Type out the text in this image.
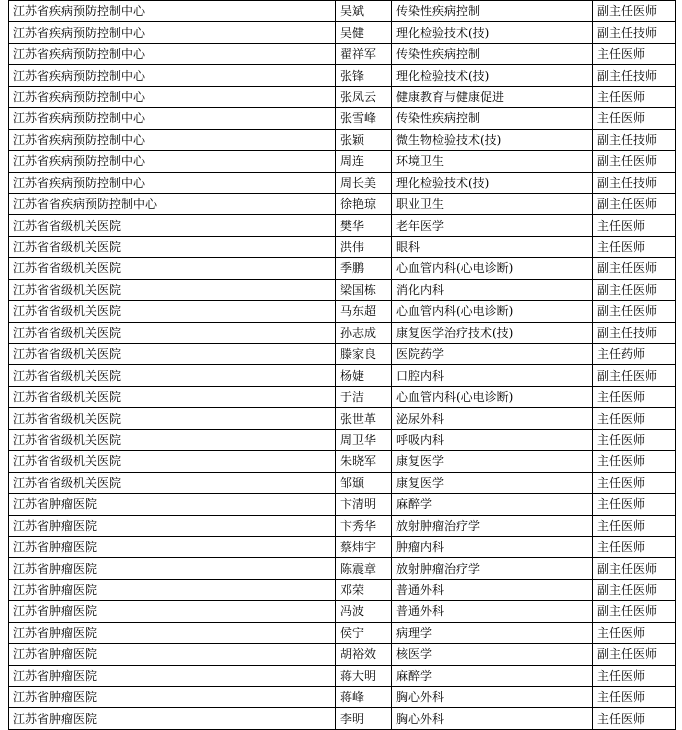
江苏省疾病预防控制中心	吴斌	传染性疾病控制	副主任医师
江苏省疾病预防控制中心	吴健	理化检验技术(技)	副主任技师
江苏省疾病预防控制中心	翟祥军	传染性疾病控制	主任医师
江苏省疾病预防控制中心	张锋	理化检验技术(技)	副主任技师
江苏省疾病预防控制中心	张凤云	健康教育与健康促进	主任医师
江苏省疾病预防控制中心	张雪峰	传染性疾病控制	主任医师
江苏省疾病预防控制中心	张颖	微生物检验技术(技)	副主任技师
江苏省疾病预防控制中心	周连	环境卫生	副主任医师
江苏省疾病预防控制中心	周长美	理化检验技术(技)	副主任技师
江苏省省疾病预防控制中心	徐艳琼	职业卫生	副主任医师
江苏省省级机关医院	樊华	老年医学	主任医师
江苏省省级机关医院	洪伟	眼科	主任医师
江苏省省级机关医院	季鹏	心血管内科(心电诊断)	副主任医师
江苏省省级机关医院	梁国栋	消化内科	副主任医师
江苏省省级机关医院	马东超	心血管内科(心电诊断)	副主任医师
江苏省省级机关医院	孙志成	康复医学治疗技术(技)	副主任技师
江苏省省级机关医院	滕家良	医院药学	主任药师
江苏省省级机关医院	杨婕	口腔内科	副主任医师
江苏省省级机关医院	于洁	心血管内科(心电诊断)	主任医师
江苏省省级机关医院	张世革	泌尿外科	主任医师
江苏省省级机关医院	周卫华	呼吸内科	主任医师
江苏省省级机关医院	朱晓军	康复医学	主任医师
江苏省省级机关医院	邹颋	康复医学	主任医师
江苏省肿瘤医院	卞清明	麻醉学	主任医师
江苏省肿瘤医院	卞秀华	放射肿瘤治疗学	主任医师
江苏省肿瘤医院	蔡炜宇	肿瘤内科	主任医师
江苏省肿瘤医院	陈震章	放射肿瘤治疗学	副主任医师
江苏省肿瘤医院	邓荣	普通外科	副主任医师
江苏省肿瘤医院	冯波	普通外科	副主任医师
江苏省肿瘤医院	侯宁	病理学	主任医师
江苏省肿瘤医院	胡裕效	核医学	副主任医师
江苏省肿瘤医院	蒋大明	麻醉学	主任医师
江苏省肿瘤医院	蒋峰	胸心外科	主任医师
江苏省肿瘤医院	李明	胸心外科	主任医师
